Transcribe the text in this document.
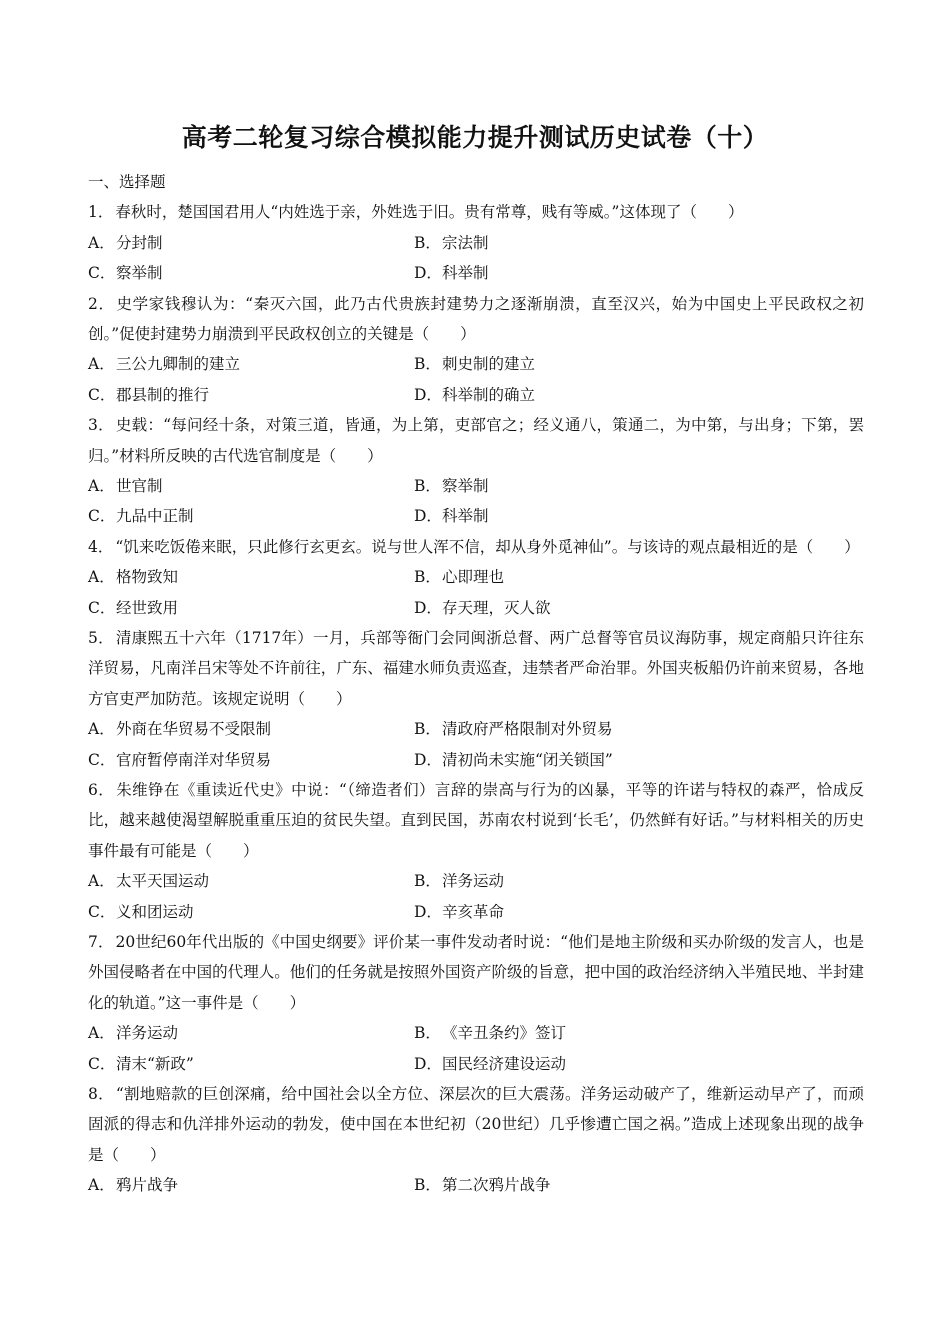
高考二轮复习综合模拟能力提升测试历史试卷（十）
一、选择题
1． 春秋时，楚国国君用人“内姓选于亲，外姓选于旧。贵有常尊，贱有等威。”这体现了（　　）
A．分封制	B．宗法制
C．察举制	D．科举制
2． 史学家钱穆认为：“秦灭六国，此乃古代贵族封建势力之逐渐崩溃，直至汉兴，始为中国史上平民政权之初创。”促使封建势力崩溃到平民政权创立的关键是（　　）
A．三公九卿制的建立	B．刺史制的建立
C．郡县制的推行	D．科举制的确立
3． 史载：“每问经十条，对策三道，皆通，为上第，吏部官之；经义通八，策通二，为中第，与出身；下第，罢归。”材料所反映的古代选官制度是（　　）
A．世官制	B．察举制
C．九品中正制	D．科举制
4． “饥来吃饭倦来眠，只此修行玄更玄。说与世人浑不信，却从身外觅神仙”。与该诗的观点最相近的是（　　）
A．格物致知	B．心即理也
C．经世致用	D．存天理，灭人欲
5． 清康熙五十六年（1717年）一月，兵部等衙门会同闽浙总督、两广总督等官员议海防事，规定商船只许往东洋贸易，凡南洋吕宋等处不许前往，广东、福建水师负责巡查，违禁者严命治罪。外国夹板船仍许前来贸易，各地方官吏严加防范。该规定说明（　　）
A．外商在华贸易不受限制	B．清政府严格限制对外贸易
C．官府暂停南洋对华贸易	D．清初尚未实施“闭关锁国”
6． 朱维铮在《重读近代史》中说：“（缔造者们）言辞的崇高与行为的凶暴，平等的许诺与特权的森严，恰成反比，越来越使渴望解脱重重压迫的贫民失望。直到民国，苏南农村说到‘长毛’，仍然鲜有好话。”与材料相关的历史事件最有可能是（　　）
A．太平天国运动	B．洋务运动
C．义和团运动	D．辛亥革命
7． 20世纪60年代出版的《中国史纲要》评价某一事件发动者时说：“他们是地主阶级和买办阶级的发言人，也是外国侵略者在中国的代理人。他们的任务就是按照外国资产阶级的旨意，把中国的政治经济纳入半殖民地、半封建化的轨道。”这一事件是（　　）
A．洋务运动	B．《辛丑条约》签订
C．清末“新政”	D．国民经济建设运动
8． “割地赔款的巨创深痛，给中国社会以全方位、深层次的巨大震荡。洋务运动破产了，维新运动早产了，而顽固派的得志和仇洋排外运动的勃发，使中国在本世纪初（20世纪）几乎惨遭亡国之祸。”造成上述现象出现的战争是（　　）
A．鸦片战争	B．第二次鸦片战争
